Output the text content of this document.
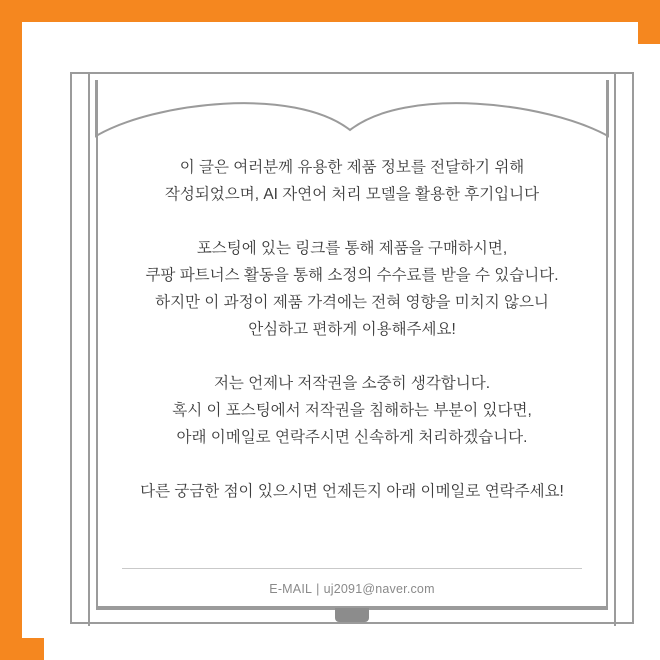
이 글은 여러분께 유용한 제품 정보를 전달하기 위해
작성되었으며, AI 자연어 처리 모델을 활용한 후기입니다

포스팅에 있는 링크를 통해 제품을 구매하시면,
쿠팡 파트너스 활동을 통해 소정의 수수료를 받을 수 있습니다.
하지만 이 과정이 제품 가격에는 전혀 영향을 미치지 않으니
안심하고 편하게 이용해주세요!

저는 언제나 저작권을 소중히 생각합니다.
혹시 이 포스팅에서 저작권을 침해하는 부분이 있다면,
아래 이메일로 연락주시면 신속하게 처리하겠습니다.

다른 궁금한 점이 있으시면 언제든지 아래 이메일로 연락주세요!

E-MAIL | uj2091@naver.com
